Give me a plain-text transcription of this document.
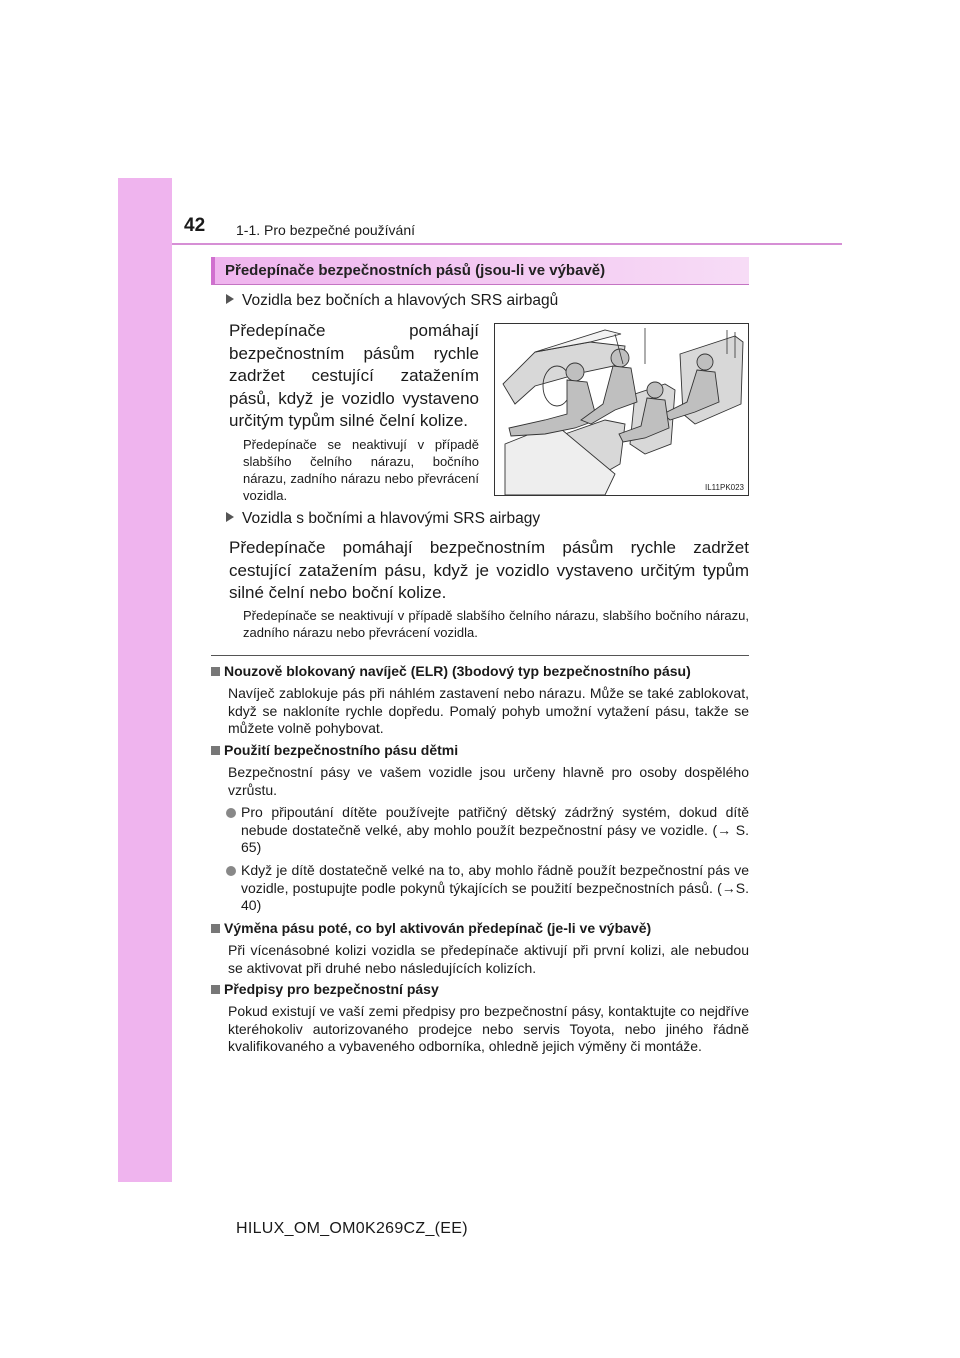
42 1-1. Pro bezpečné používání
Předepínače bezpečnostních pásů (jsou-li ve výbavě)
Vozidla bez bočních a hlavových SRS airbagů
Předepínače pomáhají bezpečnostním pásům rychle zadržet cestující zatažením pásů, když je vozidlo vystaveno určitým typům silné čelní kolize.
Předepínače se neaktivují v případě slabšího čelního nárazu, bočního nárazu, zadního nárazu nebo převrácení vozidla.
IL11PK023
Vozidla s bočními a hlavovými SRS airbagy
Předepínače pomáhají bezpečnostním pásům rychle zadržet cestující zatažením pásu, když je vozidlo vystaveno určitým typům silné čelní nebo boční kolize.
Předepínače se neaktivují v případě slabšího čelního nárazu, slabšího bočního nárazu, zadního nárazu nebo převrácení vozidla.
Nouzově blokovaný navíječ (ELR) (3bodový typ bezpečnostního pásu)
Navíječ zablokuje pás při náhlém zastavení nebo nárazu. Může se také zablokovat, když se nakloníte rychle dopředu. Pomalý pohyb umožní vytažení pásu, takže se můžete volně pohybovat.
Použití bezpečnostního pásu dětmi
Bezpečnostní pásy ve vašem vozidle jsou určeny hlavně pro osoby dospělého vzrůstu.
Pro připoutání dítěte používejte patřičný dětský zádržný systém, dokud dítě nebude dostatečně velké, aby mohlo použít bezpečnostní pásy ve vozidle. (→ S. 65)
Když je dítě dostatečně velké na to, aby mohlo řádně použít bezpečnostní pás ve vozidle, postupujte podle pokynů týkajících se použití bezpečnostních pásů. (→S. 40)
Výměna pásu poté, co byl aktivován předepínač (je-li ve výbavě)
Při vícenásobné kolizi vozidla se předepínače aktivují při první kolizi, ale nebudou se aktivovat při druhé nebo následujících kolizích.
Předpisy pro bezpečnostní pásy
Pokud existují ve vaší zemi předpisy pro bezpečnostní pásy, kontaktujte co nejdříve kteréhokoliv autorizovaného prodejce nebo servis Toyota, nebo jiného řádně kvalifikovaného a vybaveného odborníka, ohledně jejich výměny či montáže.
HILUX_OM_OM0K269CZ_(EE)
